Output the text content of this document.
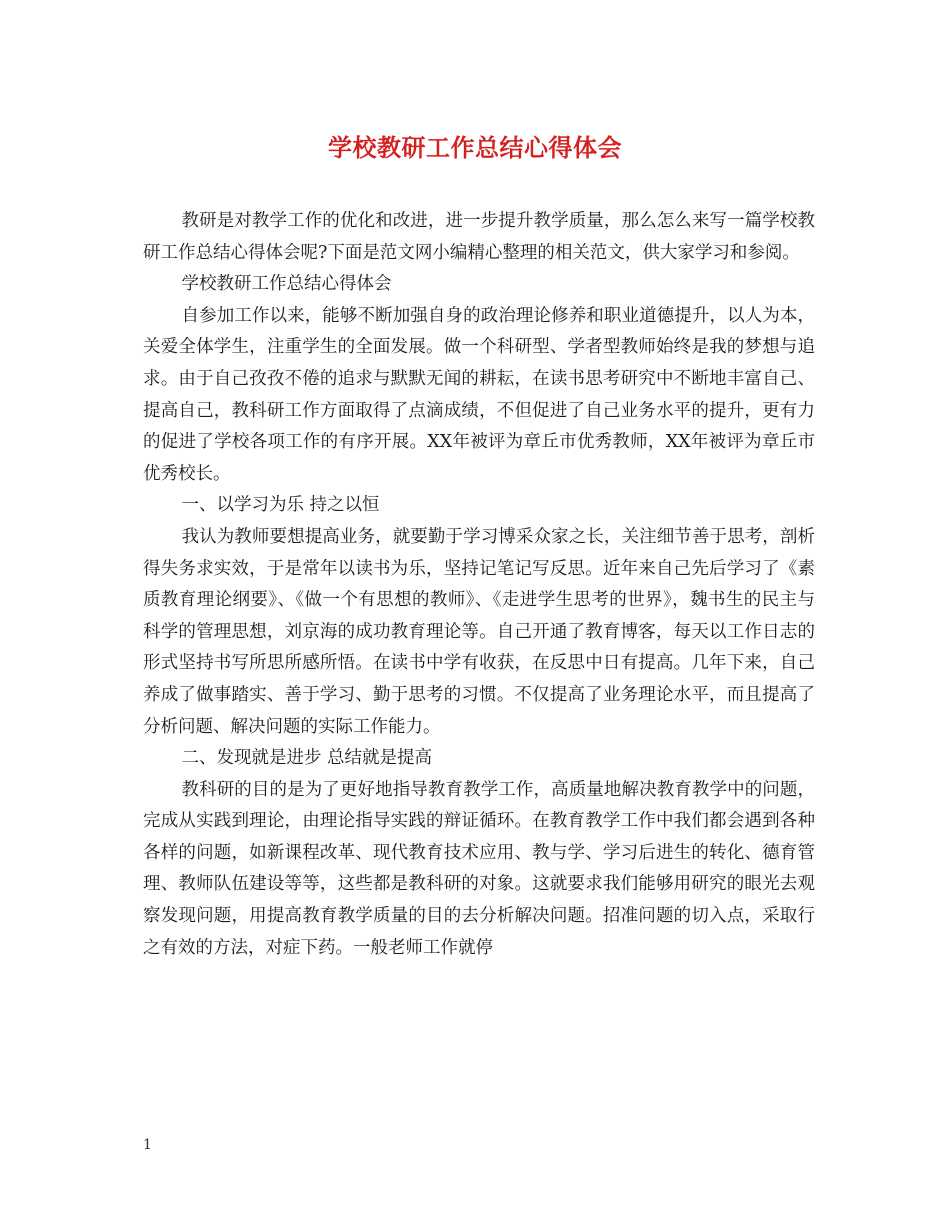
学校教研工作总结心得体会

教研是对教学工作的优化和改进，进一步提升教学质量，那么怎么来写一篇学校教研工作总结心得体会呢?下面是范文网小编精心整理的相关范文，供大家学习和参阅。

学校教研工作总结心得体会

自参加工作以来，能够不断加强自身的政治理论修养和职业道德提升，以人为本，关爱全体学生，注重学生的全面发展。做一个科研型、学者型教师始终是我的梦想与追求。由于自己孜孜不倦的追求与默默无闻的耕耘，在读书思考研究中不断地丰富自己、提高自己，教科研工作方面取得了点滴成绩，不但促进了自己业务水平的提升，更有力的促进了学校各项工作的有序开展。XX年被评为章丘市优秀教师，XX年被评为章丘市优秀校长。

一、以学习为乐 持之以恒

我认为教师要想提高业务，就要勤于学习博采众家之长，关注细节善于思考，剖析得失务求实效，于是常年以读书为乐，坚持记笔记写反思。近年来自己先后学习了《素质教育理论纲要》、《做一个有思想的教师》、《走进学生思考的世界》，魏书生的民主与科学的管理思想，刘京海的成功教育理论等。自己开通了教育博客，每天以工作日志的形式坚持书写所思所感所悟。在读书中学有收获，在反思中日有提高。几年下来，自己养成了做事踏实、善于学习、勤于思考的习惯。不仅提高了业务理论水平，而且提高了分析问题、解决问题的实际工作能力。

二、发现就是进步 总结就是提高

教科研的目的是为了更好地指导教育教学工作，高质量地解决教育教学中的问题，完成从实践到理论，由理论指导实践的辩证循环。在教育教学工作中我们都会遇到各种各样的问题，如新课程改革、现代教育技术应用、教与学、学习后进生的转化、德育管理、教师队伍建设等等，这些都是教科研的对象。这就要求我们能够用研究的眼光去观察发现问题，用提高教育教学质量的目的去分析解决问题。招准问题的切入点，采取行之有效的方法，对症下药。一般老师工作就停

1
